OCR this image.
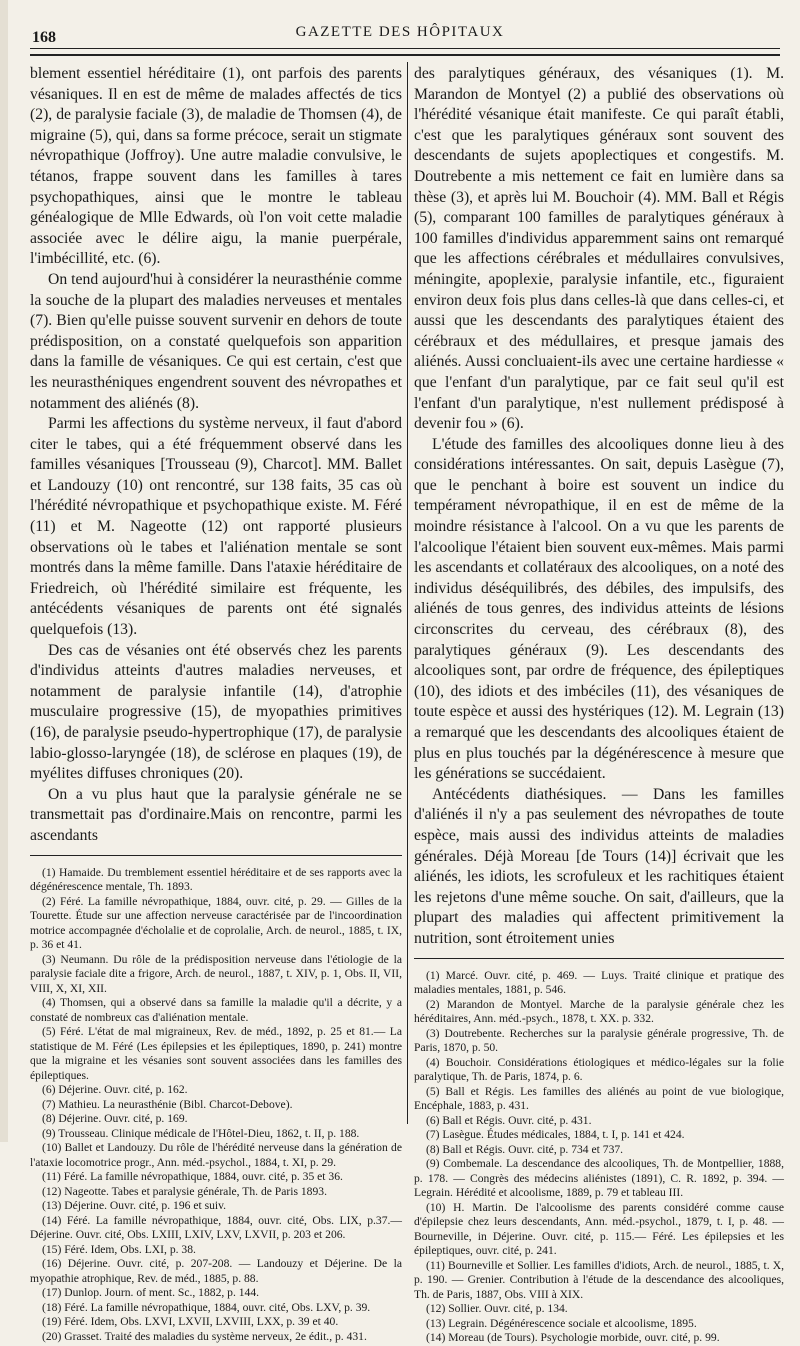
168	GAZETTE DES HÔPITAUX

blement essentiel héréditaire (1), ont parfois des parents vésaniques. Il en est de même de malades affectés de tics (2), de paralysie faciale (3), de maladie de Thomsen (4), de migraine (5), qui, dans sa forme précoce, serait un stigmate névropathique (Joffroy). Une autre maladie convulsive, le tétanos, frappe souvent dans les familles à tares psychopathiques, ainsi que le montre le tableau généalogique de Mlle Edwards, où l'on voit cette maladie associée avec le délire aigu, la manie puerpérale, l'imbécillité, etc. (6).

On tend aujourd'hui à considérer la neurasthénie comme la souche de la plupart des maladies nerveuses et mentales (7). Bien qu'elle puisse souvent survenir en dehors de toute prédisposition, on a constaté quelquefois son apparition dans la famille de vésaniques. Ce qui est certain, c'est que les neurasthéniques engendrent souvent des névropathes et notamment des aliénés (8).

Parmi les affections du système nerveux, il faut d'abord citer le tabes, qui a été fréquemment observé dans les familles vésaniques [Trousseau (9), Charcot]. MM. Ballet et Landouzy (10) ont rencontré, sur 138 faits, 35 cas où l'hérédité névropathique et psychopathique existe. M. Féré (11) et M. Nageotte (12) ont rapporté plusieurs observations où le tabes et l'aliénation mentale se sont montrés dans la même famille. Dans l'ataxie héréditaire de Friedreich, où l'hérédité similaire est fréquente, les antécédents vésaniques de parents ont été signalés quelquefois (13).

Des cas de vésanies ont été observés chez les parents d'individus atteints d'autres maladies nerveuses, et notamment de paralysie infantile (14), d'atrophie musculaire progressive (15), de myopathies primitives (16), de paralysie pseudo-hypertrophique (17), de paralysie labio-glosso-laryngée (18), de sclérose en plaques (19), de myélites diffuses chroniques (20).

On a vu plus haut que la paralysie générale ne se transmettait pas d'ordinaire.Mais on rencontre, parmi les ascendants

(1) Hamaide. Du tremblement essentiel héréditaire et de ses rapports avec la dégénérescence mentale, Th. 1893.
(2) Féré. La famille névropathique, 1884, ouvr. cité, p. 29. — Gilles de la Tourette. Étude sur une affection nerveuse caractérisée par de l'incoordination motrice accompagnée d'écholalie et de coprolalie, Arch. de neurol., 1885, t. IX, p. 36 et 41.
(3) Neumann. Du rôle de la prédisposition nerveuse dans l'étiologie de la paralysie faciale dite a frigore, Arch. de neurol., 1887, t. XIV, p. 1, Obs. II, VII, VIII, X, XI, XII.
(4) Thomsen, qui a observé dans sa famille la maladie qu'il a décrite, y a constaté de nombreux cas d'aliénation mentale.
(5) Féré. L'état de mal migraineux, Rev. de méd., 1892, p. 25 et 81.— La statistique de M. Féré (Les épilepsies et les épileptiques, 1890, p. 241) montre que la migraine et les vésanies sont souvent associées dans les familles des épileptiques.
(6) Déjerine. Ouvr. cité, p. 162.
(7) Mathieu. La neurasthénie (Bibl. Charcot-Debove).
(8) Déjerine. Ouvr. cité, p. 169.
(9) Trousseau. Clinique médicale de l'Hôtel-Dieu, 1862, t. II, p. 188.
(10) Ballet et Landouzy. Du rôle de l'hérédité nerveuse dans la génération de l'ataxie locomotrice progr., Ann. méd.-psychol., 1884, t. XI, p. 29.
(11) Féré. La famille névropathique, 1884, ouvr. cité, p. 35 et 36.
(12) Nageotte. Tabes et paralysie générale, Th. de Paris 1893.
(13) Déjerine. Ouvr. cité, p. 196 et suiv.
(14) Féré. La famille névropathique, 1884, ouvr. cité, Obs. LIX, p.37.— Déjerine. Ouvr. cité, Obs. LXIII, LXIV, LXV, LXVII, p. 203 et 206.
(15) Féré. Idem, Obs. LXI, p. 38.
(16) Déjerine. Ouvr. cité, p. 207-208. — Landouzy et Déjerine. De la myopathie atrophique, Rev. de méd., 1885, p. 88.
(17) Dunlop. Journ. of ment. Sc., 1882, p. 144.
(18) Féré. La famille névropathique, 1884, ouvr. cité, Obs. LXV, p. 39.
(19) Féré. Idem, Obs. LXVI, LXVII, LXVIII, LXX, p. 39 et 40.
(20) Grasset. Traité des maladies du système nerveux, 2e édit., p. 431.

des paralytiques généraux, des vésaniques (1). M. Marandon de Montyel (2) a publié des observations où l'hérédité vésanique était manifeste. Ce qui paraît établi, c'est que les paralytiques généraux sont souvent des descendants de sujets apoplectiques et congestifs. M. Doutrebente a mis nettement ce fait en lumière dans sa thèse (3), et après lui M. Bouchoir (4). MM. Ball et Régis (5), comparant 100 familles de paralytiques généraux à 100 familles d'individus apparemment sains ont remarqué que les affections cérébrales et médullaires convulsives, méningite, apoplexie, paralysie infantile, etc., figuraient environ deux fois plus dans celles-là que dans celles-ci, et aussi que les descendants des paralytiques étaient des cérébraux et des médullaires, et presque jamais des aliénés. Aussi concluaient-ils avec une certaine hardiesse « que l'enfant d'un paralytique, par ce fait seul qu'il est l'enfant d'un paralytique, n'est nullement prédisposé à devenir fou » (6).

L'étude des familles des alcooliques donne lieu à des considérations intéressantes. On sait, depuis Lasègue (7), que le penchant à boire est souvent un indice du tempérament névropathique, il en est de même de la moindre résistance à l'alcool. On a vu que les parents de l'alcoolique l'étaient bien souvent eux-mêmes. Mais parmi les ascendants et collatéraux des alcooliques, on a noté des individus déséquilibrés, des débiles, des impulsifs, des aliénés de tous genres, des individus atteints de lésions circonscrites du cerveau, des cérébraux (8), des paralytiques généraux (9). Les descendants des alcooliques sont, par ordre de fréquence, des épileptiques (10), des idiots et des imbéciles (11), des vésaniques de toute espèce et aussi des hystériques (12). M. Legrain (13) a remarqué que les descendants des alcooliques étaient de plus en plus touchés par la dégénérescence à mesure que les générations se succédaient.

Antécédents diathésiques. — Dans les familles d'aliénés il n'y a pas seulement des névropathes de toute espèce, mais aussi des individus atteints de maladies générales. Déjà Moreau [de Tours (14)] écrivait que les aliénés, les idiots, les scrofuleux et les rachitiques étaient les rejetons d'une même souche. On sait, d'ailleurs, que la plupart des maladies qui affectent primitivement la nutrition, sont étroitement unies

(1) Marcé. Ouvr. cité, p. 469. — Luys. Traité clinique et pratique des maladies mentales, 1881, p. 546.
(2) Marandon de Montyel. Marche de la paralysie générale chez les héréditaires, Ann. méd.-psych., 1878, t. XX. p. 332.
(3) Doutrebente. Recherches sur la paralysie générale progressive, Th. de Paris, 1870, p. 50.
(4) Bouchoir. Considérations étiologiques et médico-légales sur la folie paralytique, Th. de Paris, 1874, p. 6.
(5) Ball et Régis. Les familles des aliénés au point de vue biologique, Encéphale, 1883, p. 431.
(6) Ball et Régis. Ouvr. cité, p. 431.
(7) Lasègue. Études médicales, 1884, t. I, p. 141 et 424.
(8) Ball et Régis. Ouvr. cité, p. 734 et 737.
(9) Combemale. La descendance des alcooliques, Th. de Montpellier, 1888, p. 178. — Congrès des médecins aliénistes (1891), C. R. 1892, p. 394. — Legrain. Hérédité et alcoolisme, 1889, p. 79 et tableau III.
(10) H. Martin. De l'alcoolisme des parents considéré comme cause d'épilepsie chez leurs descendants, Ann. méd.-psychol., 1879, t. I, p. 48. — Bourneville, in Déjerine. Ouvr. cité, p. 115.— Féré. Les épilepsies et les épileptiques, ouvr. cité, p. 241.
(11) Bourneville et Sollier. Les familles d'idiots, Arch. de neurol., 1885, t. X, p. 190. — Grenier. Contribution à l'étude de la descendance des alcooliques, Th. de Paris, 1887, Obs. VIII à XIX.
(12) Sollier. Ouvr. cité, p. 134.
(13) Legrain. Dégénérescence sociale et alcoolisme, 1895.
(14) Moreau (de Tours). Psychologie morbide, ouvr. cité, p. 99.
